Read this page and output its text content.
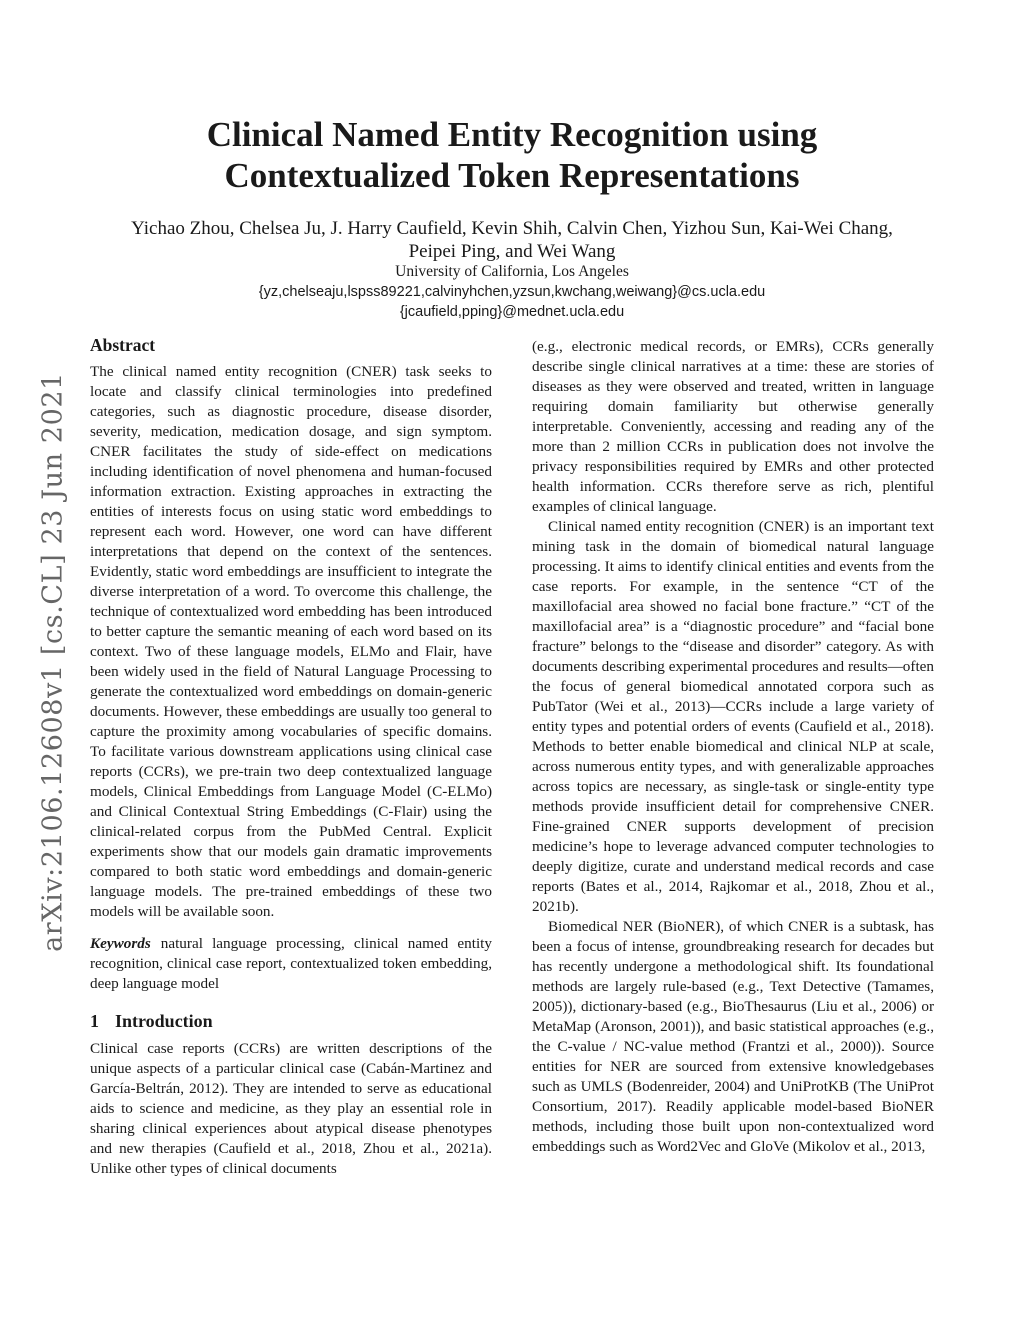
arXiv:2106.12608v1 [cs.CL] 23 Jun 2021
Clinical Named Entity Recognition using
Contextualized Token Representations
Yichao Zhou, Chelsea Ju, J. Harry Caufield, Kevin Shih, Calvin Chen, Yizhou Sun, Kai-Wei Chang,
Peipei Ping, and Wei Wang
University of California, Los Angeles
{yz,chelseaju,lspss89221,calvinyhchen,yzsun,kwchang,weiwang}@cs.ucla.edu
{jcaufield,pping}@mednet.ucla.edu
Abstract

The clinical named entity recognition (CNER) task seeks to locate and classify clinical terminologies into predefined categories, such as diagnostic procedure, disease disorder, severity, medication, medication dosage, and sign symptom. CNER facilitates the study of side-effect on medications including identification of novel phenomena and human-focused information extraction. Existing approaches in extracting the entities of interests focus on using static word embeddings to represent each word. However, one word can have different interpretations that depend on the context of the sentences. Evidently, static word embeddings are insufficient to integrate the diverse interpretation of a word. To overcome this challenge, the technique of contextualized word embedding has been introduced to better capture the semantic meaning of each word based on its context. Two of these language models, ELMo and Flair, have been widely used in the field of Natural Language Processing to generate the contextualized word embeddings on domain-generic documents. However, these embeddings are usually too general to capture the proximity among vocabularies of specific domains. To facilitate various downstream applications using clinical case reports (CCRs), we pre-train two deep contextualized language models, Clinical Embeddings from Language Model (C-ELMo) and Clinical Contextual String Embeddings (C-Flair) using the clinical-related corpus from the PubMed Central. Explicit experiments show that our models gain dramatic improvements compared to both static word embeddings and domain-generic language models. The pre-trained embeddings of these two models will be available soon.

Keywords natural language processing, clinical named entity recognition, clinical case report, contextualized token embedding, deep language model

1 Introduction

Clinical case reports (CCRs) are written descriptions of the unique aspects of a particular clinical case (Cabán-Martinez and García-Beltrán, 2012). They are intended to serve as educational aids to science and medicine, as they play an essential role in sharing clinical experiences about atypical disease phenotypes and new therapies (Caufield et al., 2018, Zhou et al., 2021a). Unlike other types of clinical documents

(e.g., electronic medical records, or EMRs), CCRs generally describe single clinical narratives at a time: these are stories of diseases as they were observed and treated, written in language requiring domain familiarity but otherwise generally interpretable. Conveniently, accessing and reading any of the more than 2 million CCRs in publication does not involve the privacy responsibilities required by EMRs and other protected health information. CCRs therefore serve as rich, plentiful examples of clinical language.

Clinical named entity recognition (CNER) is an important text mining task in the domain of biomedical natural language processing. It aims to identify clinical entities and events from the case reports. For example, in the sentence “CT of the maxillofacial area showed no facial bone fracture.” “CT of the maxillofacial area” is a “diagnostic procedure” and “facial bone fracture” belongs to the “disease and disorder” category. As with documents describing experimental procedures and results—often the focus of general biomedical annotated corpora such as PubTator (Wei et al., 2013)—CCRs include a large variety of entity types and potential orders of events (Caufield et al., 2018). Methods to better enable biomedical and clinical NLP at scale, across numerous entity types, and with generalizable approaches across topics are necessary, as single-task or single-entity type methods provide insufficient detail for comprehensive CNER. Fine-grained CNER supports development of precision medicine’s hope to leverage advanced computer technologies to deeply digitize, curate and understand medical records and case reports (Bates et al., 2014, Rajkomar et al., 2018, Zhou et al., 2021b).

Biomedical NER (BioNER), of which CNER is a subtask, has been a focus of intense, groundbreaking research for decades but has recently undergone a methodological shift. Its foundational methods are largely rule-based (e.g., Text Detective (Tamames, 2005)), dictionary-based (e.g., BioThesaurus (Liu et al., 2006) or MetaMap (Aronson, 2001)), and basic statistical approaches (e.g., the C-value / NC-value method (Frantzi et al., 2000)). Source entities for NER are sourced from extensive knowledgebases such as UMLS (Bodenreider, 2004) and UniProtKB (The UniProt Consortium, 2017). Readily applicable model-based BioNER methods, including those built upon non-contextualized word embeddings such as Word2Vec and GloVe (Mikolov et al., 2013,
